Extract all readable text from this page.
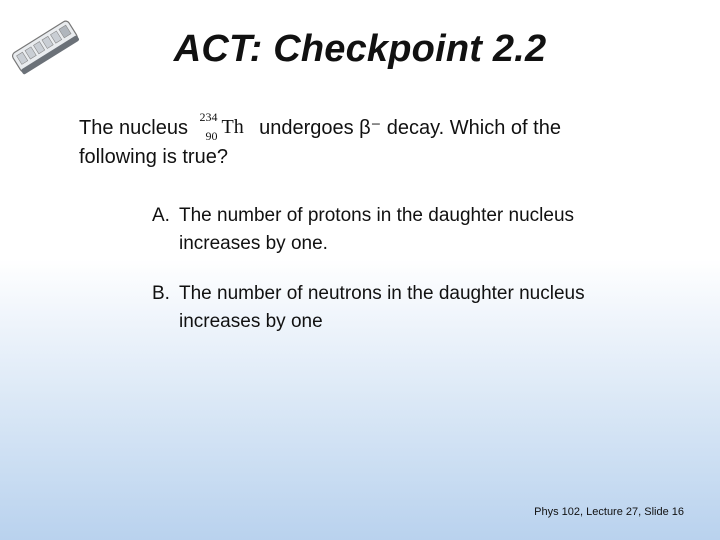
ACT: Checkpoint 2.2
The nucleus 234
90 Th undergoes β⁻ decay. Which of the following is true?
A. The number of protons in the daughter nucleus increases by one.
B. The number of neutrons in the daughter nucleus increases by one
Phys 102, Lecture 27, Slide 16
